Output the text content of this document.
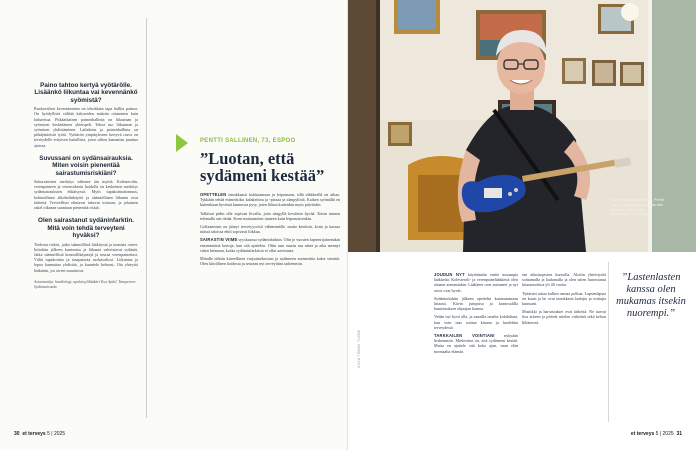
Paino tahtoo kertyä vyötärölle. Lisäänkö liikuntaa vai kevennänkö syömistä?

Ruokavalion keventäminen on tehokkain tapa hallita painoa. On hyödyllistä välttää kaloreiden määrän ottaminen kuin kulutettua. Pitkäaikainen painonhallinta on liikunnan ja syömisen keskinäinen yhteispeli. Tehoa tuo liikunnan ja syömisen yhdistäminen. Laihdutus ja painonhallinta on pitkäjänteistä työtä. Vyötärön ympärykseen kertyvä rasva on terveydelle erityisen haitallista, joten siihen kannattaa puuttua ajoissa.

Suvussani on sydänsairauksia. Miten voisin pienentää sairastumisriskiäni?

Sukurasitteen merkitys vähenee iän myötä. Kolesterolin, verenpaineen ja verensokerin hoidolla on keskeinen merkitys sydänsairauksien ehkäisyssä. Myös tupakoimattomuus, kohtuullinen alkoholinkäyttö ja säännöllinen liikunta ovat tärkeitä. Terveelliset elintavat tukevat toisiaan, ja jokainen askel oikeaan suuntaan pienentää riskiä.

Olen sairastanut sydäninfarktin. Mitä voin tehdä terveyteni hyväksi?

Tiedosta riskisi, jatka säännöllistä lääkitystä ja tunnista oireet. Infarktin jälkeen kuntoutus ja liikunta vahvistavat sydäntä. Jatka säännöllisiä kontrollikäyntejä ja seuraa verenpainettasi. Vältä tupakointia ja tasapainota ruokavaliosi. Liikuntaa ja lepoa kannattaa yhdistää, ja kuuntele kehoasi. Ota yhteyttä lääkäriin, jos oireet muuttuvat.

Asiantuntija: kardiologi, apulaisylilääkäri Esa Aydol, Tampereen Sydänsairaala.
PENTTI SALLINEN, 73, ESPOO
”Luotan, että sydämeni kestää”

OPETTELEN innokkaasti kokkaamaan ja leipomaan, sillä eläkkeellä on aikaa. Tykkään tehdä esimerkiksi kalakeittoa ja -pizzaa ja sämpylöitä. Kaiken syömällä en kuitenkaan hyvässä kunnossa pysy, joten liikun kuitenkin myös päivittäin.

Talkiisat pidin olla sopivan liivalla, jotta sängyllä kestäisin hyvää. Käsin tunnen telemalla sen tietää. Koen muistamieni tunteen kuin leipomaisenkin.

Golfaaminen on jäänyt tervetyysvisti vähemmälle, mutta kesäisin, kotia ja kassaa näissä taloissa ehtii sopivasti liikkua.

SAIRASTIN VIIME syyskuussa sydäninfarktin. Olin jo vuosien lapsenrijainenakin ensimmäisiä kertoja, kun sitä ajattelen. Oliin taas suurin osa niinä ja aika mennyt sitten hiemaan, koska sydäminfarktista ei ollut aavistusta.

Minulle tehtiin kiireellinen varjoainekuvaus ja sydämeen asennettiin kaksi stenttiä. Olen kiitollinen hoidosta ja seuraan nyt terveyttäni tarkemmin.

30 et terveys 5 | 2025
”Sinä ei tunteja laskettu”, Pentti sanoo kitaransoitosta. Hän teki soittimen omin käsin aikuisopiston kurssilla.
KUVA TOMMI TUOMI

JOUDUN NYT käyttämään enttiä uusampia lääkkeitä. Kolesteroli- ja verenpainelääkkeitä olen ottanut aiemminkin. Lääkkeet ovat auttaneet ja nyt arvot ovat hyvät.

Sydäninfarktin jälkeen opettelin kuntoutumaan hitaasti. Kävin jumpissa ja kuntosalilla kuntoutuksen ohjaajan kanssa.

Vedän nyt hyvä olla, ja sanailla omalta kohdaltani, kun voin taas soittaa kitaraa ja huolehtia terveydestä.

TARKKAILEN VOINTIANI nykyään herkemmin. Mielestäni on, että sydämeni kestää. Mutta en ajattele sitä koko ajan, vaan elän normaalia elämää.

ran aikuisopiston kurssilla. Aloitin yhteistyötä soittamalla ja laulamalla ja olen sitten harrastanut kitaransoittoa yli 40 vuotta.

Tyttäreni taitaa kulkea samaa polkua. Lapsenlapsia on kuusi ja he ovat innokkaita laulajia ja soittajia kanssani.

Musiikki ja harrastukset ovat tärkeitä. Ne tuovat iloa arkeen ja pitävät mielen virkeänä sekä kehon liikkeessä.

”Lastenlasten kanssa olen mukamas itsekin nuorempi.”
et terveys 5 | 2025 31
